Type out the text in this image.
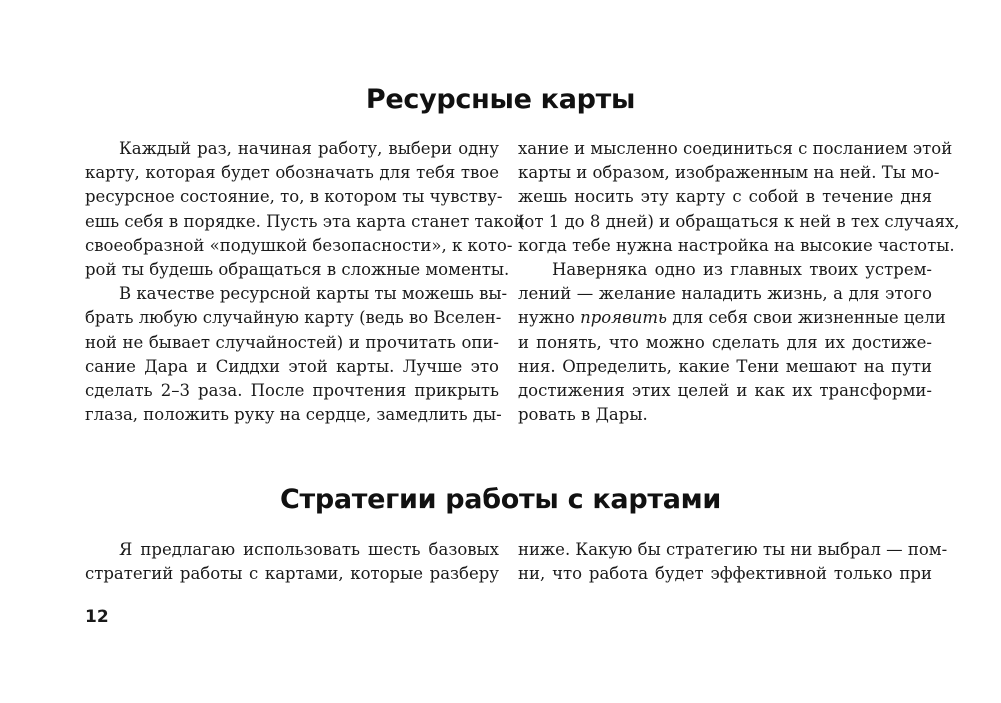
Ресурсные карты
Каждый раз, начиная работу, выбери одну
карту, которая будет обозначать для тебя твое
ресурсное состояние, то, в котором ты чувству-
ешь себя в порядке. Пусть эта карта станет такой
своеобразной «подушкой безопасности», к кото-
рой ты будешь обращаться в сложные моменты.
В качестве ресурсной карты ты можешь вы-
брать любую случайную карту (ведь во Вселен-
ной не бывает случайностей) и прочитать опи-
сание Дара и Сиддхи этой карты. Лучше это
сделать 2–3 раза. После прочтения прикрыть
глаза, положить руку на сердце, замедлить ды-
хание и мысленно соединиться с посланием этой
карты и образом, изображенным на ней. Ты мо-
жешь носить эту карту с собой в течение дня
(от 1 до 8 дней) и обращаться к ней в тех случаях,
когда тебе нужна настройка на высокие частоты.
Наверняка одно из главных твоих устрем-
лений — желание наладить жизнь, а для этого
нужно проявить для себя свои жизненные цели
и понять, что можно сделать для их достиже-
ния. Определить, какие Тени мешают на пути
достижения этих целей и как их трансформи-
ровать в Дары.
Стратегии работы с картами
Я предлагаю использовать шесть базовых
стратегий работы с картами, которые разберу
ниже. Какую бы стратегию ты ни выбрал — пом-
ни, что работа будет эффективной только при
12
